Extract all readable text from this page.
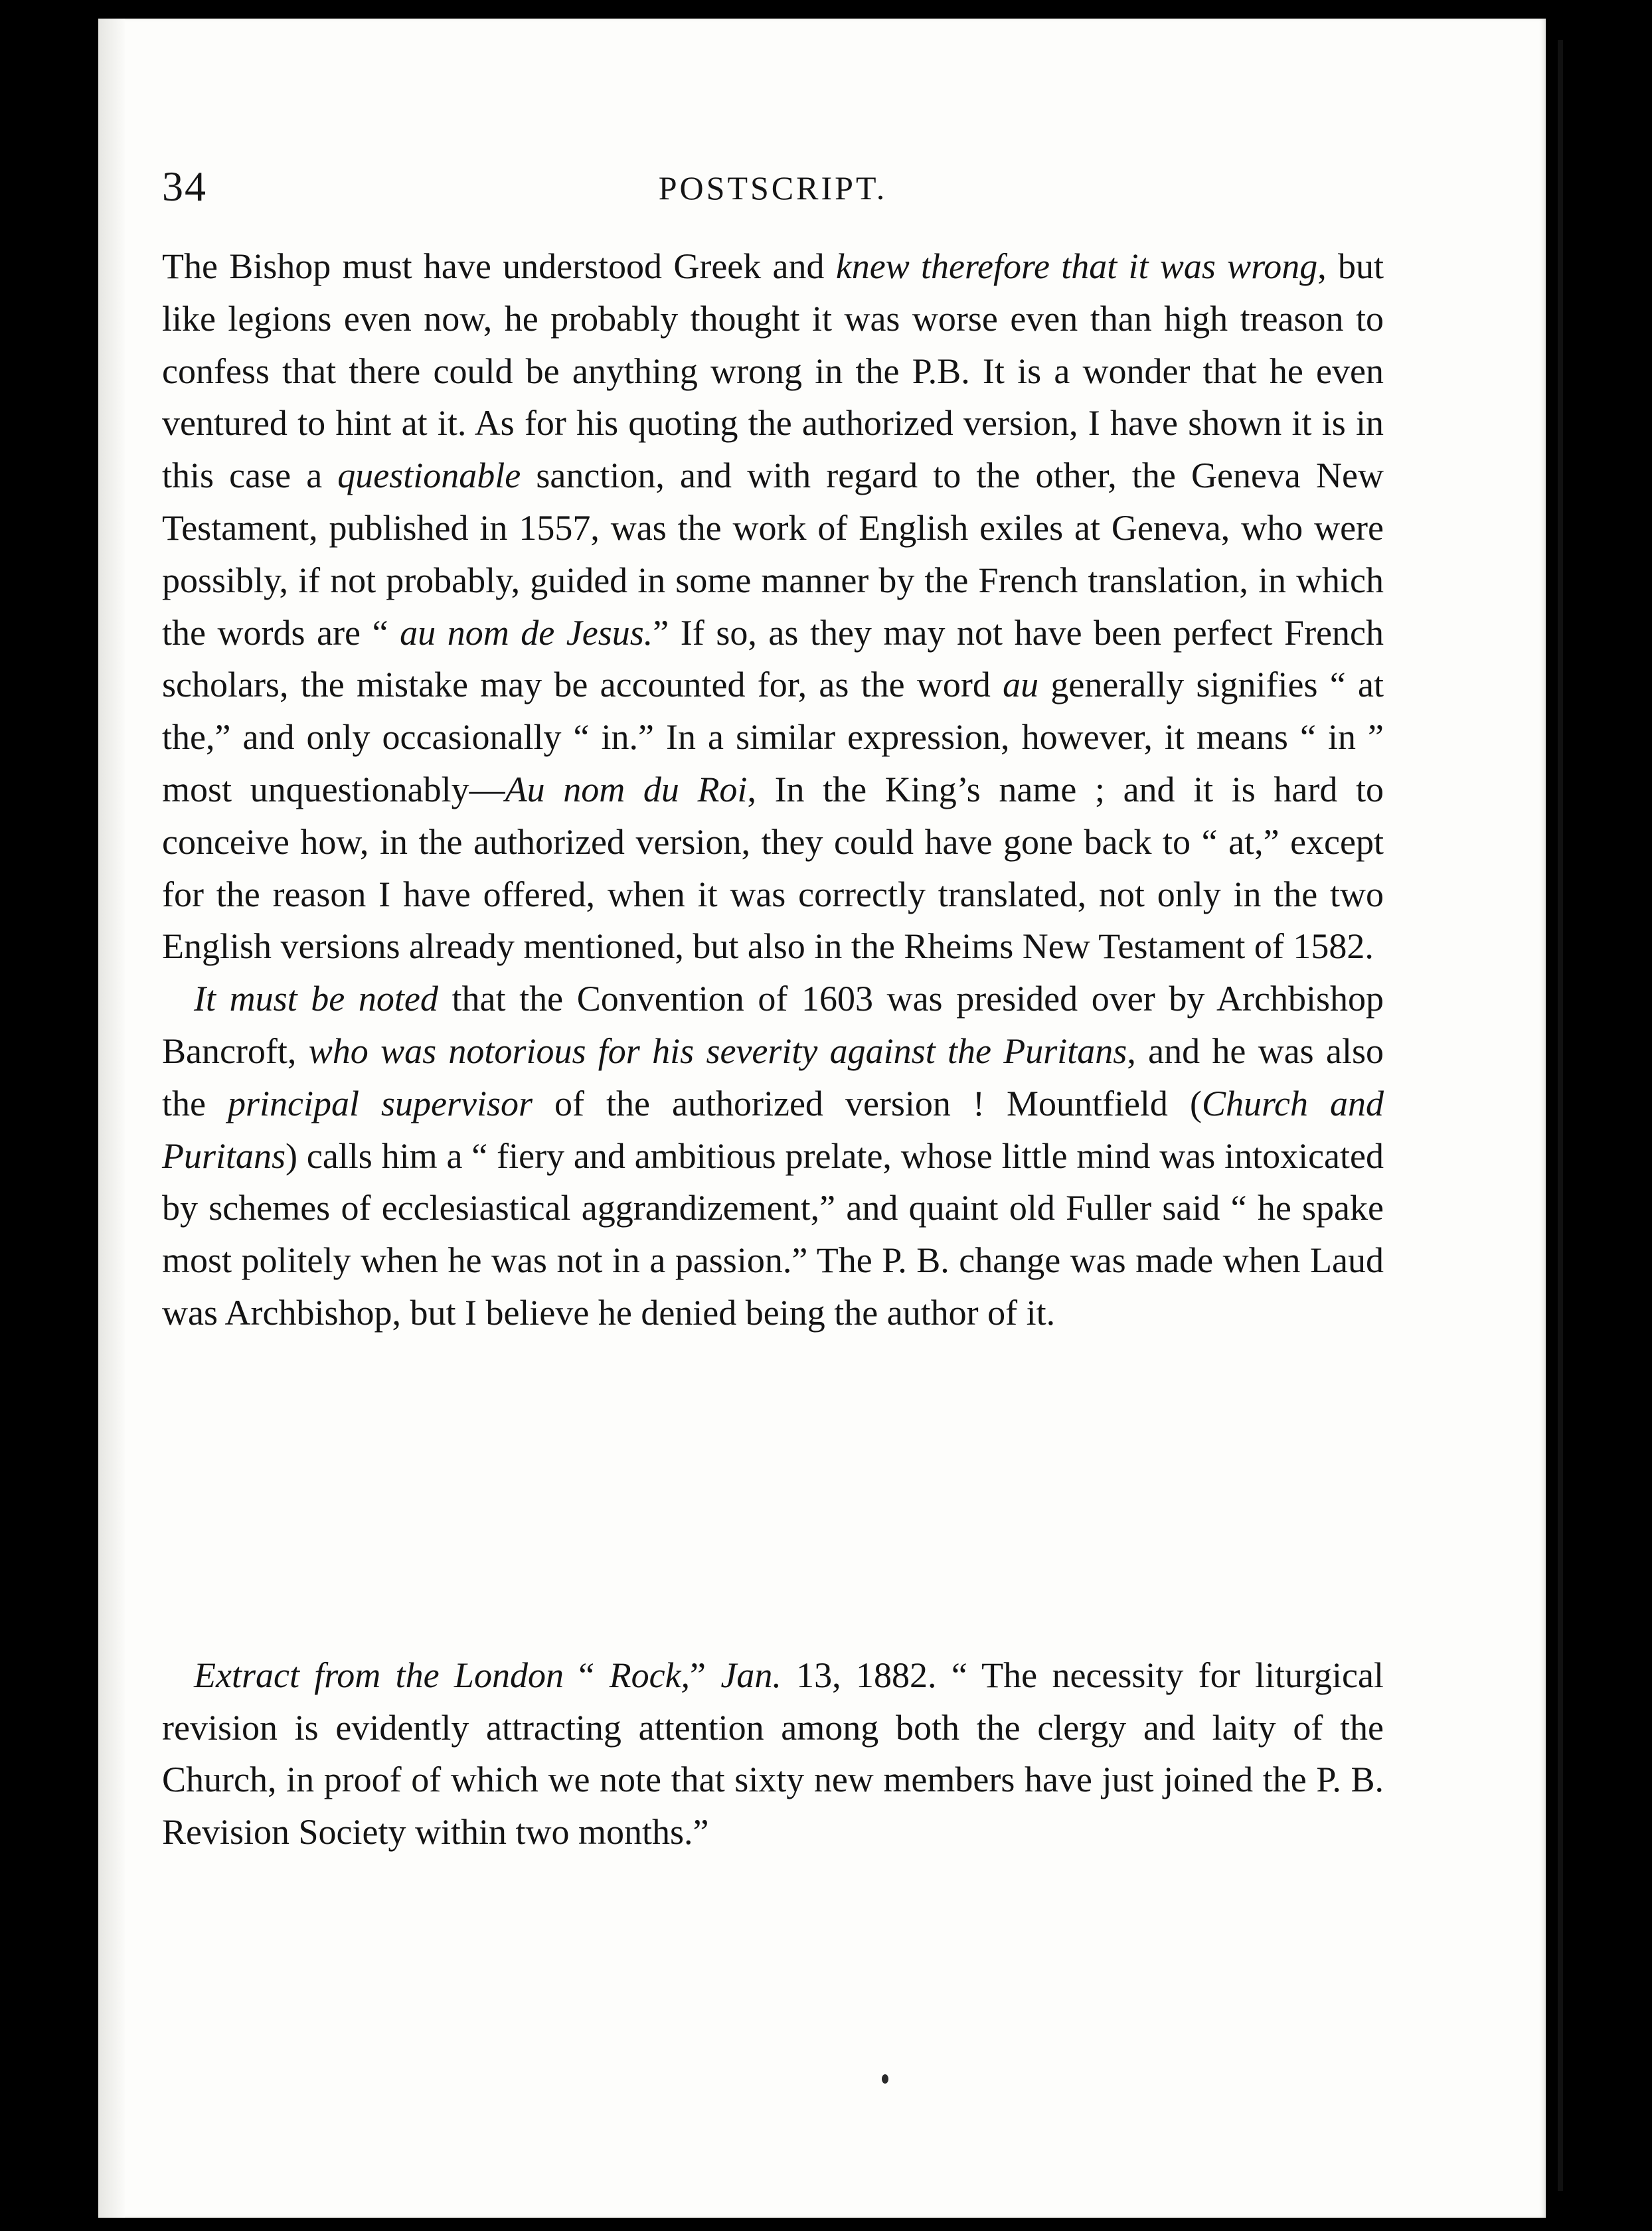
34	POSTSCRIPT.

The Bishop must have understood Greek and knew therefore that it was wrong, but like legions even now, he probably thought it was worse even than high treason to confess that there could be anything wrong in the P.B. It is a wonder that he even ventured to hint at it. As for his quoting the authorized version, I have shown it is in this case a questionable sanction, and with regard to the other, the Geneva New Testament, published in 1557, was the work of English exiles at Geneva, who were possibly, if not probably, guided in some manner by the French translation, in which the words are “ au nom de Jesus.” If so, as they may not have been perfect French scholars, the mistake may be accounted for, as the word au generally signifies “ at the,” and only occasionally “ in.” In a similar expression, however, it means “ in ” most unquestionably—Au nom du Roi, In the King’s name ; and it is hard to conceive how, in the authorized version, they could have gone back to “ at,” except for the reason I have offered, when it was correctly translated, not only in the two English versions already mentioned, but also in the Rheims New Testament of 1582.

It must be noted that the Convention of 1603 was presided over by Archbishop Bancroft, who was notorious for his severity against the Puritans, and he was also the principal supervisor of the authorized version ! Mountfield (Church and Puritans) calls him a “ fiery and ambitious prelate, whose little mind was intoxicated by schemes of ecclesiastical aggrandizement,” and quaint old Fuller said “ he spake most politely when he was not in a passion.” The P. B. change was made when Laud was Archbishop, but I believe he denied being the author of it.

Extract from the London “ Rock,” Jan. 13, 1882. “ The necessity for liturgical revision is evidently attracting attention among both the clergy and laity of the Church, in proof of which we note that sixty new members have just joined the P. B. Revision Society within two months.”
